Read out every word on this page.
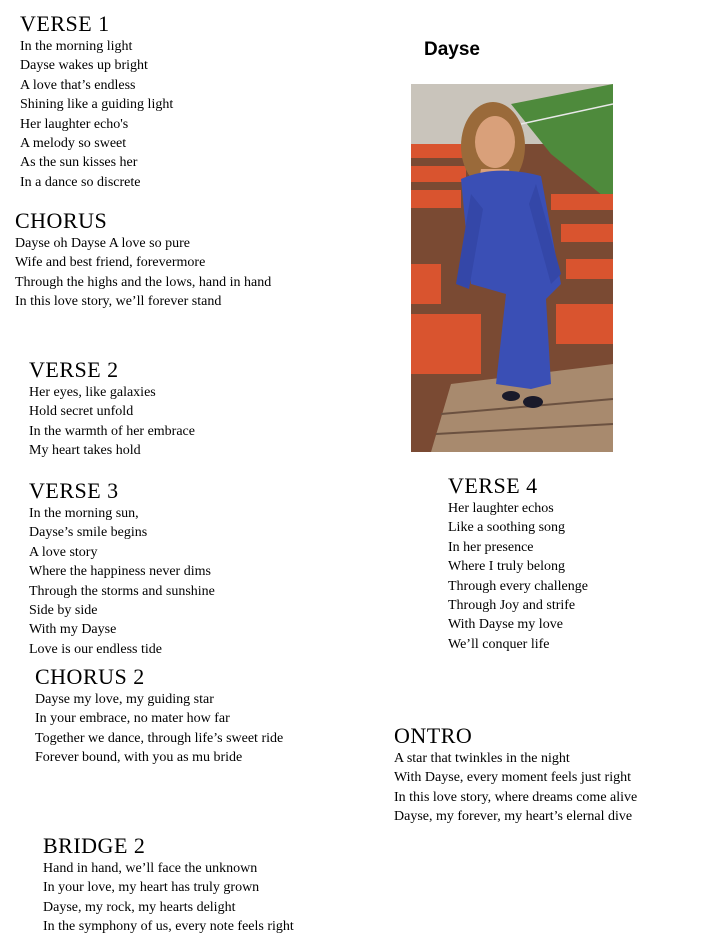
Dayse
VERSE 1
In the morning light
Dayse wakes up bright
A love that’s endless
Shining like a guiding light
Her laughter echo's
A melody so sweet
As the sun kisses her
In a dance so discrete
CHORUS
Dayse oh Dayse A love so pure
Wife and best friend, forevermore
Through the highs and the lows, hand in hand
In this love story, we’ll forever stand
VERSE 2
Her eyes, like galaxies
Hold secret unfold
In the warmth of her embrace
My heart takes hold
VERSE 3
In the morning sun,
Dayse’s smile begins
A love story
Where the happiness never dims
Through the storms and sunshine
Side by side
With my Dayse
Love is our endless tide
CHORUS 2
Dayse my love, my guiding star
In your embrace, no mater how far
Together we dance, through life’s sweet ride
Forever bound, with you as mu bride
BRIDGE 2
Hand in hand, we’ll face the unknown
In your love, my heart has truly grown
Dayse, my rock, my hearts delight
In the symphony of us, every note feels right
VERSE 4
Her laughter echos
Like a soothing song
In her presence
Where I truly belong
Through every challenge
Through Joy and strife
With Dayse my love
We’ll conquer life
ONTRO
A star that twinkles in the night
With Dayse, every moment feels just right
In this love story, where dreams come alive
Dayse, my forever, my heart’s elernal dive
